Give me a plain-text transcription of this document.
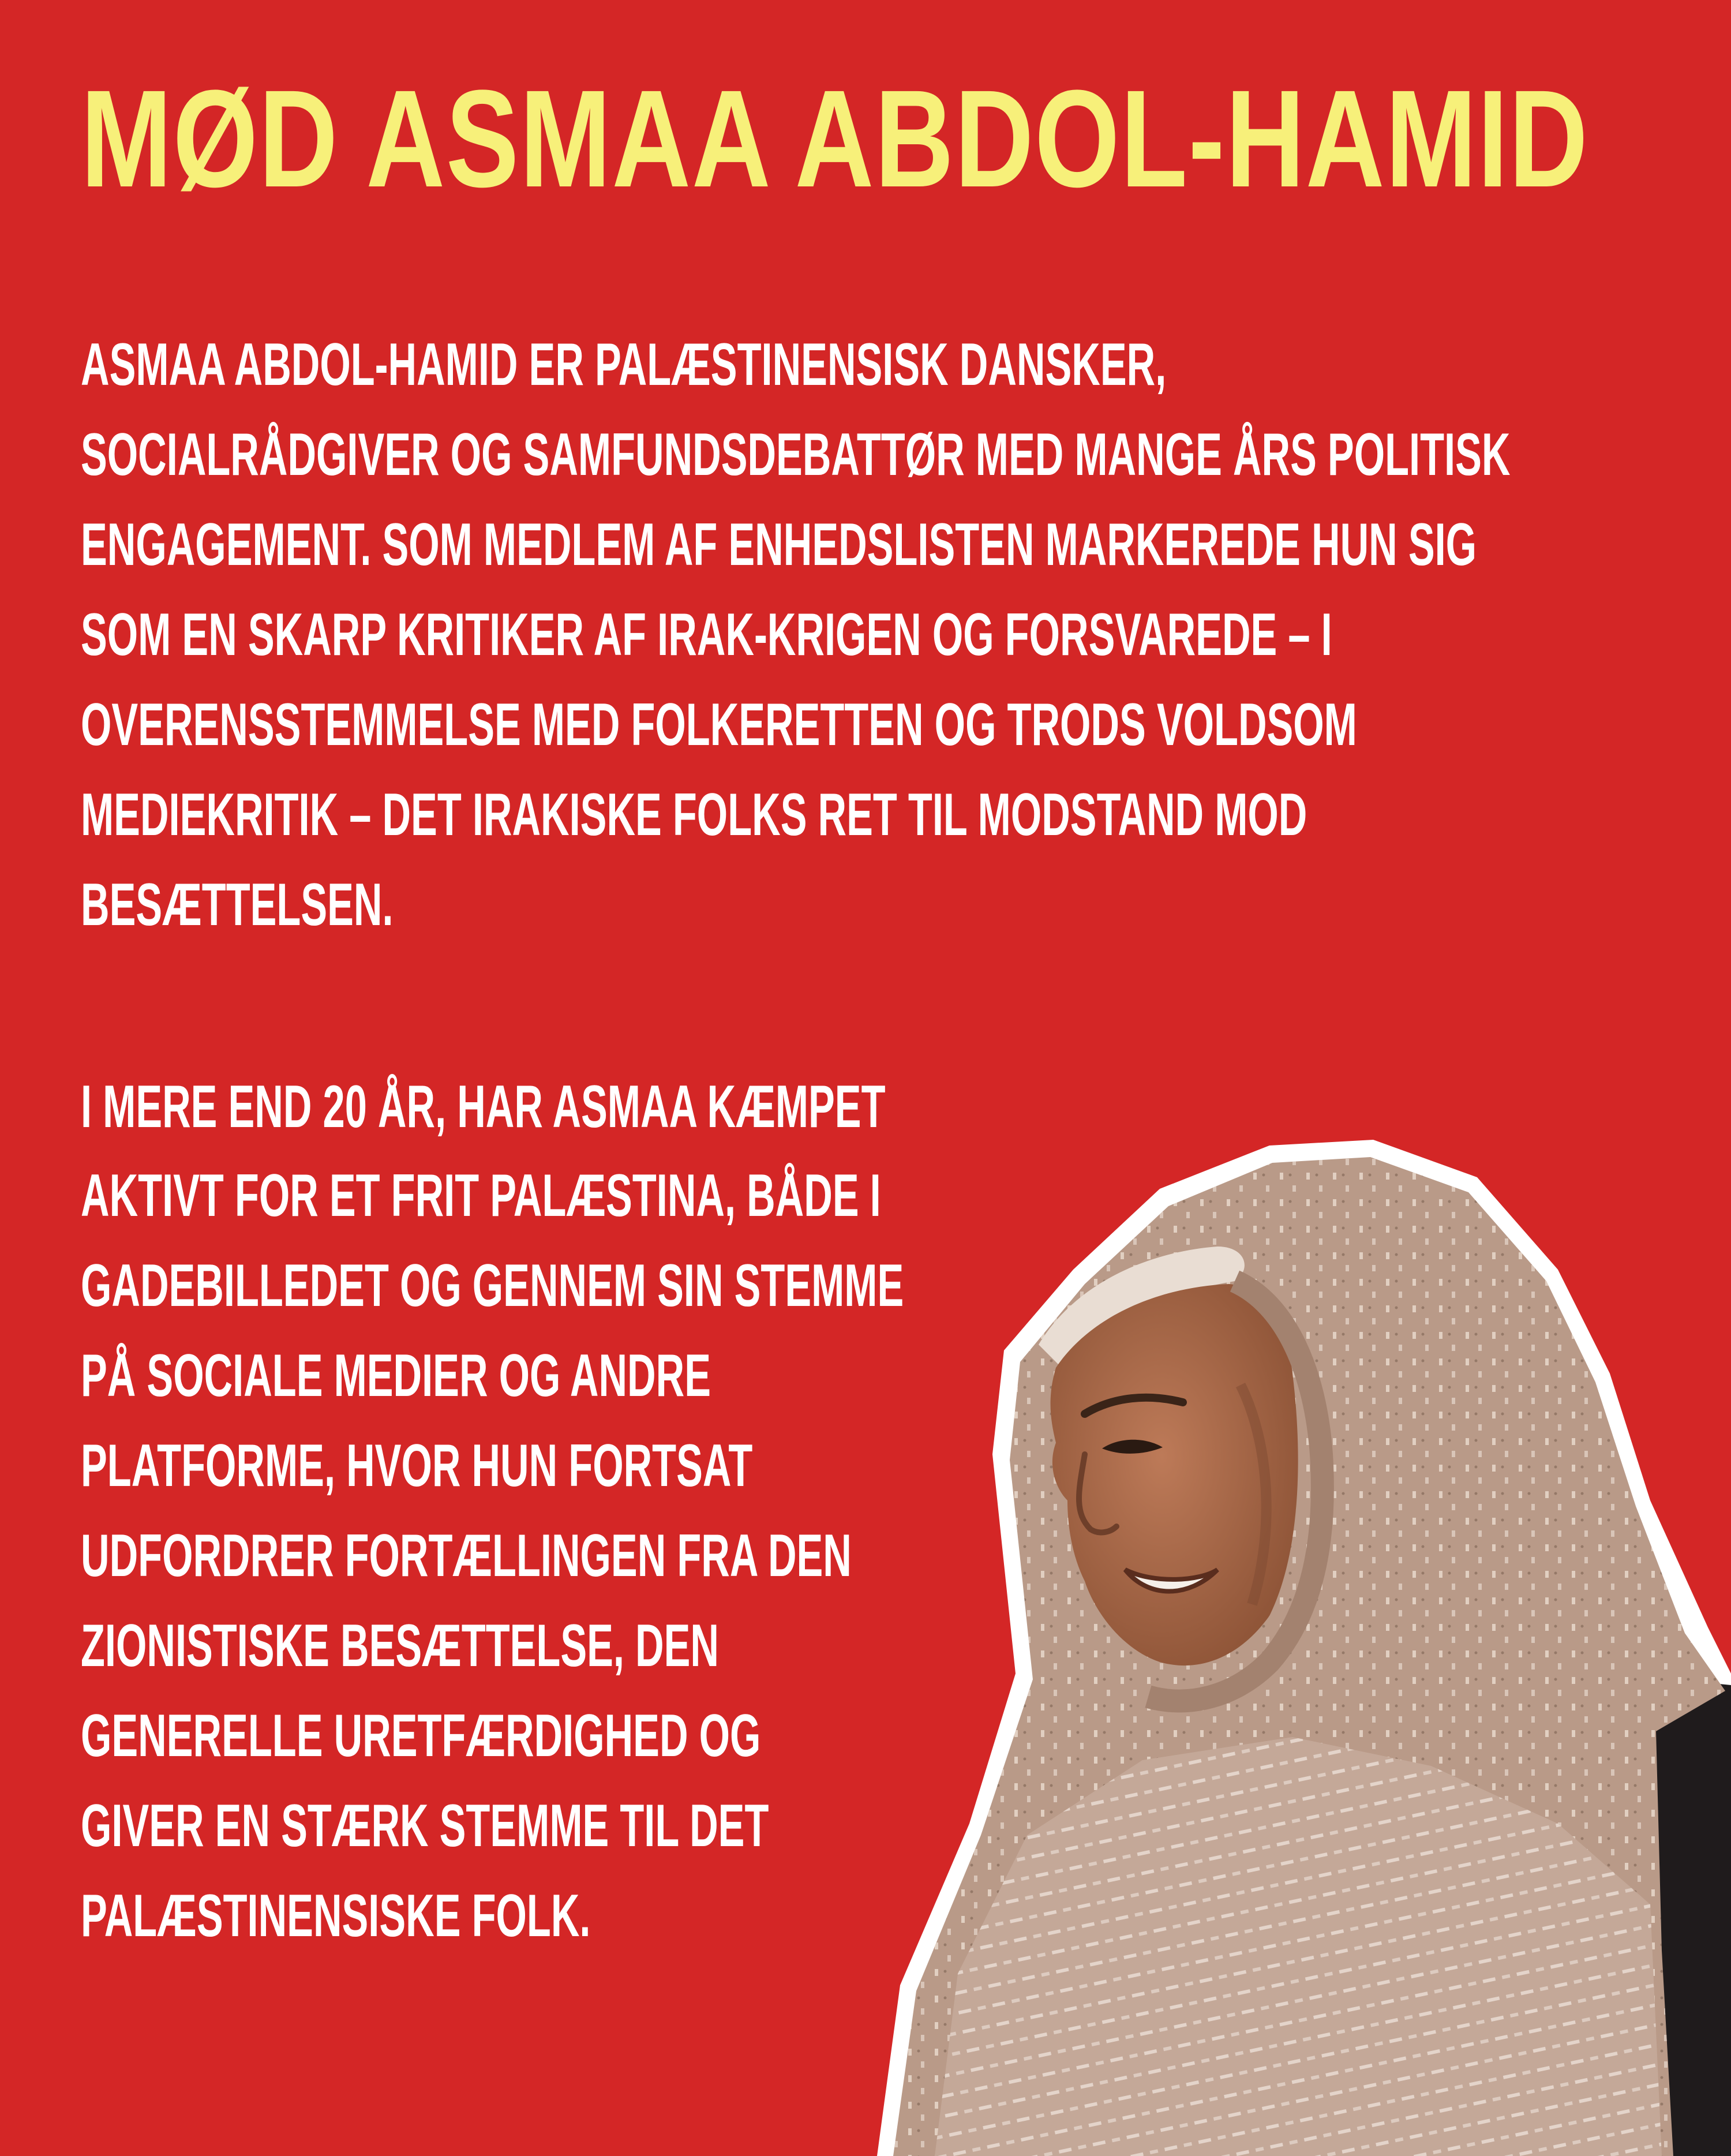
MØD ASMAA ABDOL-HAMID

ASMAA ABDOL-HAMID ER PALÆSTINENSISK DANSKER,

SOCIALRÅDGIVER OG SAMFUNDSDEBATTØR MED MANGE ÅRS POLITISK

ENGAGEMENT. SOM MEDLEM AF ENHEDSLISTEN MARKEREDE HUN SIG

SOM EN SKARP KRITIKER AF IRAK-KRIGEN OG FORSVAREDE – I

OVERENSSTEMMELSE MED FOLKERETTEN OG TRODS VOLDSOM

MEDIEKRITIK – DET IRAKISKE FOLKS RET TIL MODSTAND MOD

BESÆTTELSEN.

I MERE END 20 ÅR, HAR ASMAA KÆMPET

AKTIVT FOR ET FRIT PALÆSTINA, BÅDE I

GADEBILLEDET OG GENNEM SIN STEMME

PÅ SOCIALE MEDIER OG ANDRE

PLATFORME, HVOR HUN FORTSAT

UDFORDRER FORTÆLLINGEN FRA DEN

ZIONISTISKE BESÆTTELSE, DEN

GENERELLE URETFÆRDIGHED OG

GIVER EN STÆRK STEMME TIL DET

PALÆSTINENSISKE FOLK.
